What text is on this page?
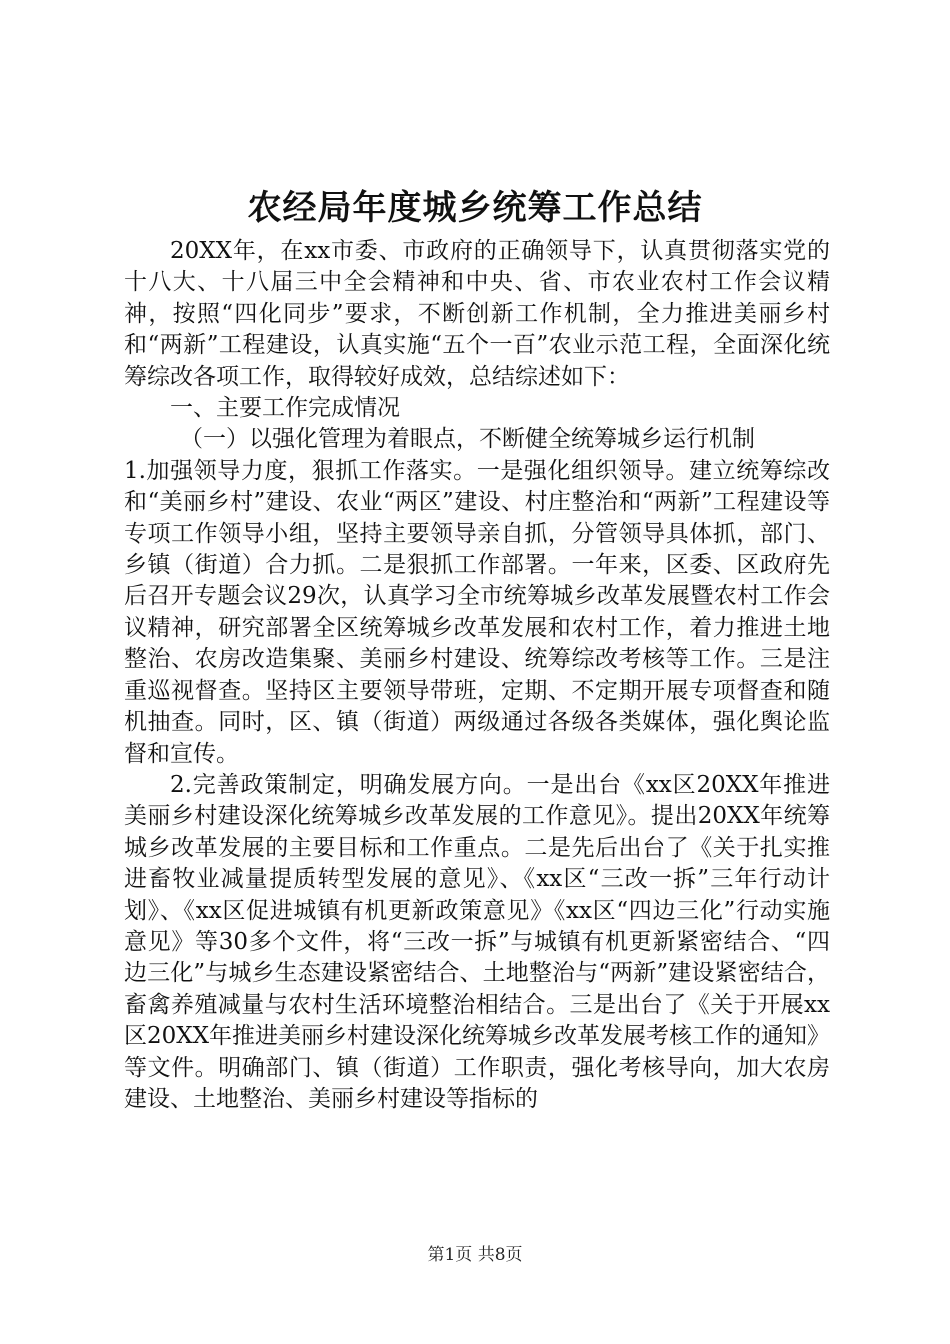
农经局年度城乡统筹工作总结

20XX年，在xx市委、市政府的正确领导下，认真贯彻落实党的十八大、十八届三中全会精神和中央、省、市农业农村工作会议精神，按照“四化同步”要求，不断创新工作机制，全力推进美丽乡村和“两新”工程建设，认真实施“五个一百”农业示范工程，全面深化统筹综改各项工作，取得较好成效，总结综述如下：

一、主要工作完成情况

（一）以强化管理为着眼点，不断健全统筹城乡运行机制

1.加强领导力度，狠抓工作落实。一是强化组织领导。建立统筹综改和“美丽乡村”建设、农业“两区”建设、村庄整治和“两新”工程建设等专项工作领导小组，坚持主要领导亲自抓，分管领导具体抓，部门、乡镇（街道）合力抓。二是狠抓工作部署。一年来，区委、区政府先后召开专题会议29次，认真学习全市统筹城乡改革发展暨农村工作会议精神，研究部署全区统筹城乡改革发展和农村工作，着力推进土地整治、农房改造集聚、美丽乡村建设、统筹综改考核等工作。三是注重巡视督查。坚持区主要领导带班，定期、不定期开展专项督查和随机抽查。同时，区、镇（街道）两级通过各级各类媒体，强化舆论监督和宣传。

2.完善政策制定，明确发展方向。一是出台《xx区20XX年推进美丽乡村建设深化统筹城乡改革发展的工作意见》。提出20XX年统筹城乡改革发展的主要目标和工作重点。二是先后出台了《关于扎实推进畜牧业减量提质转型发展的意见》、《xx区“三改一拆”三年行动计划》、《xx区促进城镇有机更新政策意见》《xx区“四边三化”行动实施意见》等30多个文件，将“三改一拆”与城镇有机更新紧密结合、“四边三化”与城乡生态建设紧密结合、土地整治与“两新”建设紧密结合，畜禽养殖减量与农村生活环境整治相结合。三是出台了《关于开展xx区20XX年推进美丽乡村建设深化统筹城乡改革发展考核工作的通知》等文件。明确部门、镇（街道）工作职责，强化考核导向，加大农房建设、土地整治、美丽乡村建设等指标的

第1页 共8页
